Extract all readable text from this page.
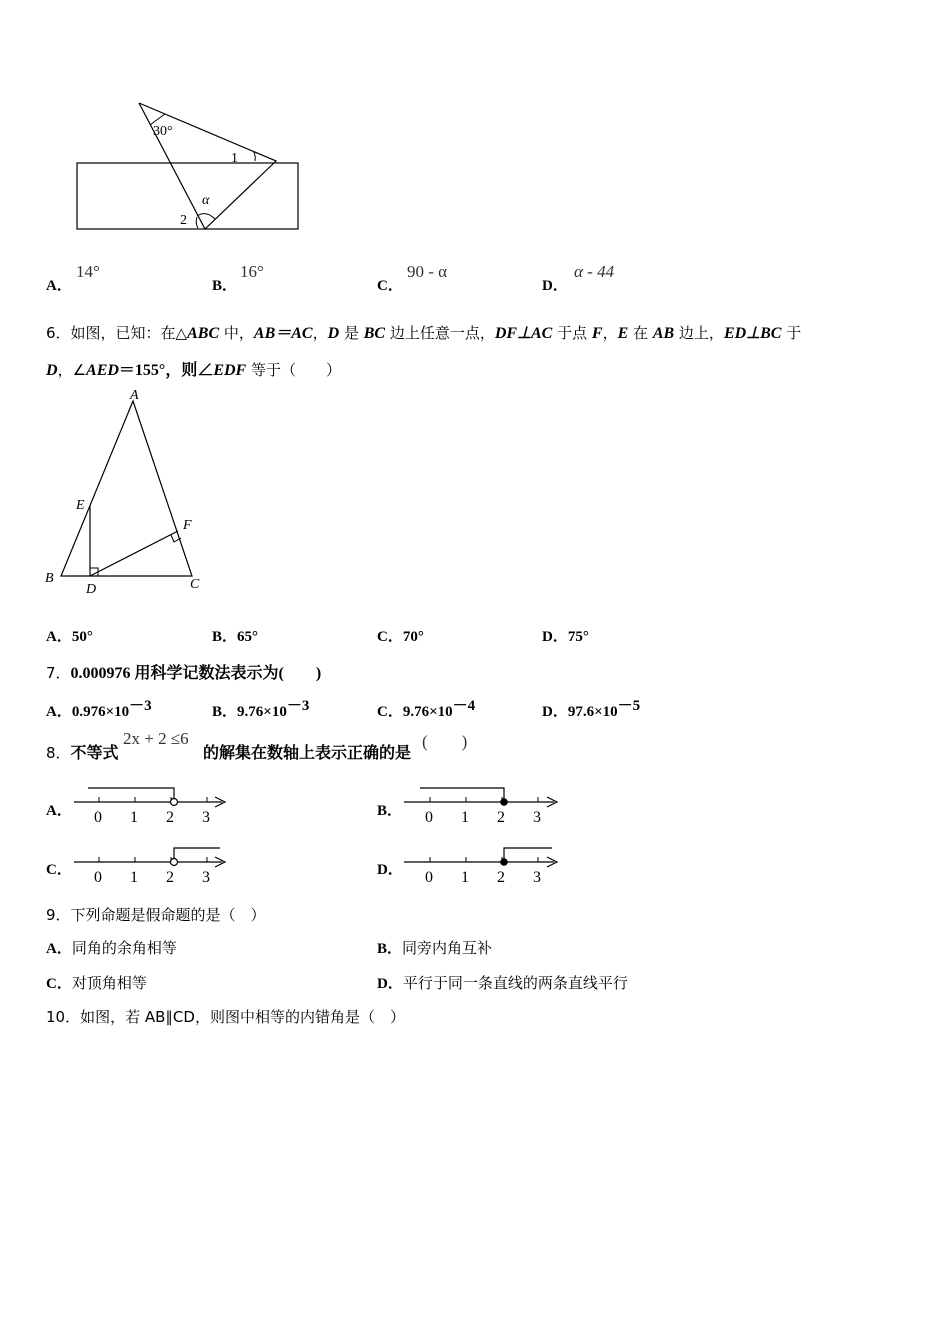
30°
1
α
2
A．
14°
B．
16°
C．
90 - α
D．
α - 44
6．如图，已知：在△ABC 中，AB＝AC，D 是 BC 边上任意一点，DF⊥AC 于点 F，E 在 AB 边上，ED⊥BC 于
D，∠AED＝155°，则∠EDF 等于（　　）
A
E
F
B
D	C
A．50°	B．65°	C．70°	D．75°
7．0.000976 用科学记数法表示为(　　)
A．$0.976\times 10^{-3}$	B．$9.76\times 10^{-3}$	C．$9.76\times 10^{-4}$	D．$97.6\times 10^{-5}$
8．不等式
2x + 2 ≤6
的解集在数轴上表示正确的是
(　　)
A． 0 1 2 3	B． 0 1 2 3
C． 0 1 2 3	D． 0 1 2 3
9．下列命题是假命题的是（　）
A．同角的余角相等	B．同旁内角互补
C．对顶角相等	D．平行于同一条直线的两条直线平行
10．如图，若 AB∥CD，则图中相等的内错角是（　）
